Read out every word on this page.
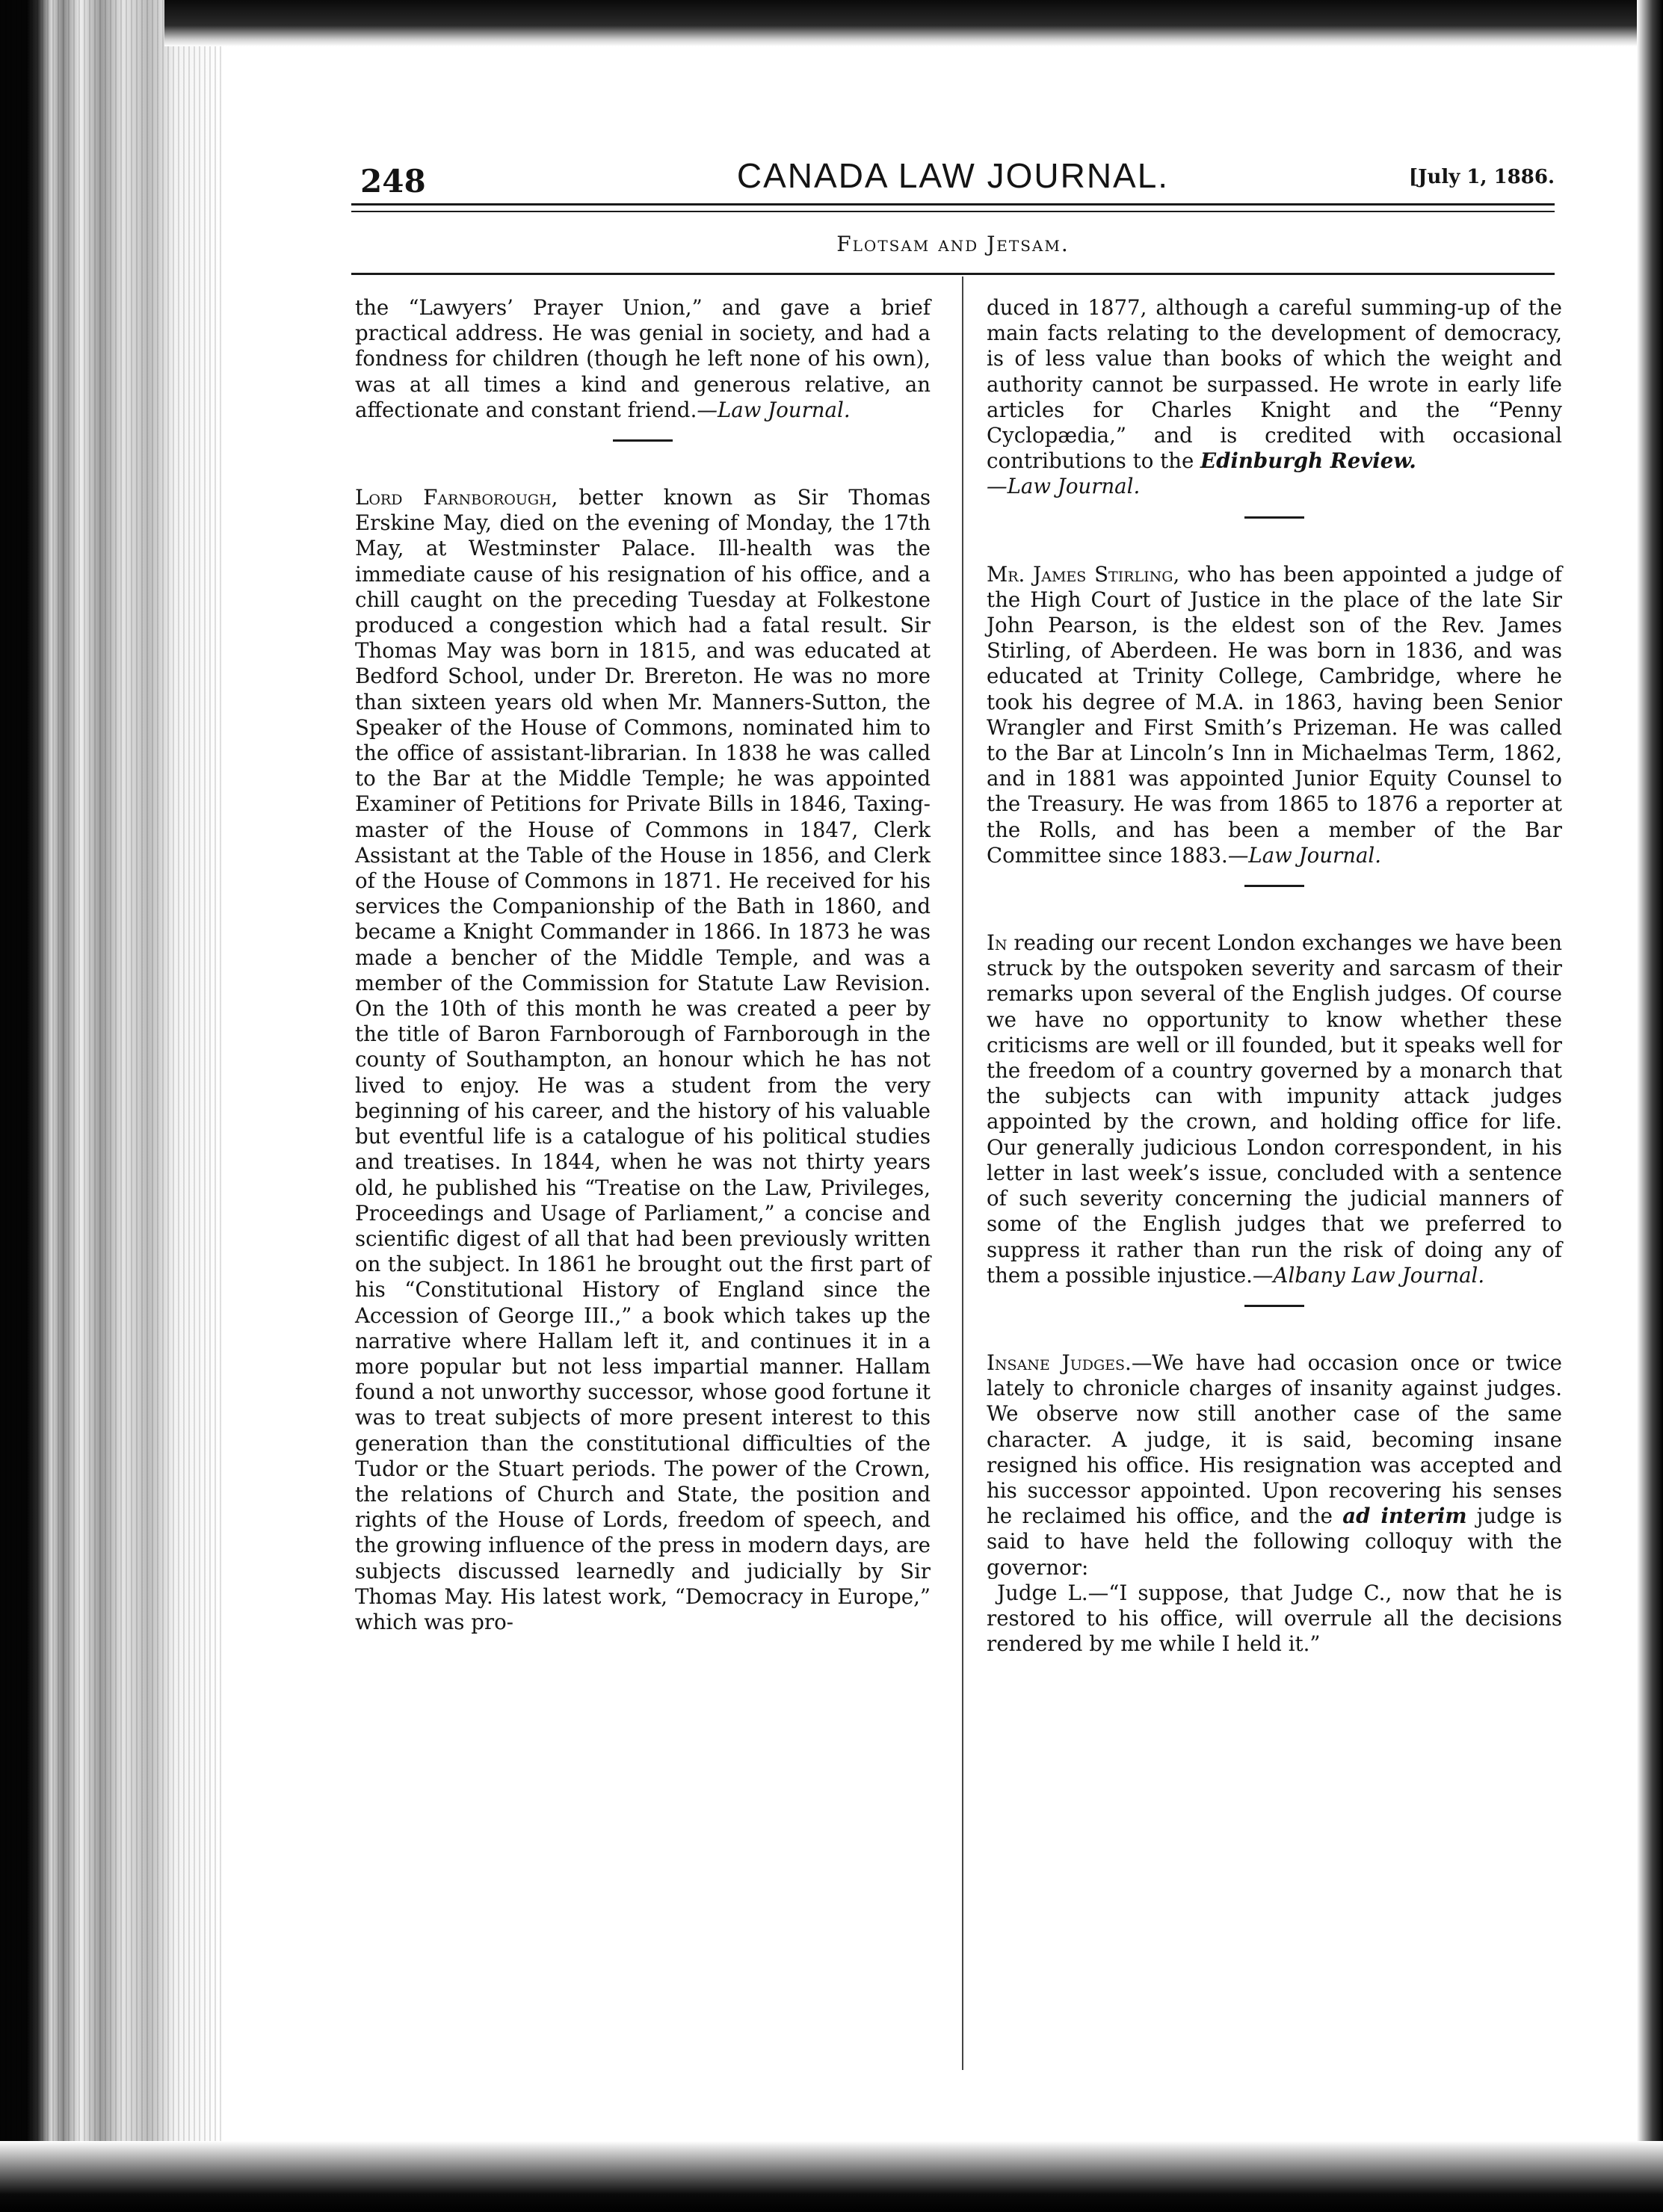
248	CANADA LAW JOURNAL.	[July 1, 1886.
Flotsam and Jetsam.

the “Lawyers’ Prayer Union,” and gave a brief practical address. He was genial in society, and had a fondness for children (though he left none of his own), was at all times a kind and generous relative, an affectionate and constant friend.—Law Journal.

Lord Farnborough, better known as Sir Thomas Erskine May, died on the evening of Monday, the 17th May, at Westminster Palace. Ill-health was the immediate cause of his resignation of his office, and a chill caught on the preceding Tuesday at Folkestone produced a congestion which had a fatal result. Sir Thomas May was born in 1815, and was educated at Bedford School, under Dr. Brereton. He was no more than sixteen years old when Mr. Manners-Sutton, the Speaker of the House of Commons, nominated him to the office of assistant-librarian. In 1838 he was called to the Bar at the Middle Temple; he was appointed Examiner of Petitions for Private Bills in 1846, Taxing-master of the House of Commons in 1847, Clerk Assistant at the Table of the House in 1856, and Clerk of the House of Commons in 1871. He received for his services the Companionship of the Bath in 1860, and became a Knight Commander in 1866. In 1873 he was made a bencher of the Middle Temple, and was a member of the Commission for Statute Law Revision. On the 10th of this month he was created a peer by the title of Baron Farnborough of Farnborough in the county of Southampton, an honour which he has not lived to enjoy. He was a student from the very beginning of his career, and the history of his valuable but eventful life is a catalogue of his political studies and treatises. In 1844, when he was not thirty years old, he published his “Treatise on the Law, Privileges, Proceedings and Usage of Parliament,” a concise and scientific digest of all that had been previously written on the subject. In 1861 he brought out the first part of his “Constitutional History of England since the Accession of George III.,” a book which takes up the narrative where Hallam left it, and continues it in a more popular but not less impartial manner. Hallam found a not unworthy successor, whose good fortune it was to treat subjects of more present interest to this generation than the constitutional difficulties of the Tudor or the Stuart periods. The power of the Crown, the relations of Church and State, the position and rights of the House of Lords, freedom of speech, and the growing influence of the press in modern days, are subjects discussed learnedly and judicially by Sir Thomas May. His latest work, “Democracy in Europe,” which was pro-

duced in 1877, although a careful summing-up of the main facts relating to the development of democracy, is of less value than books of which the weight and authority cannot be surpassed. He wrote in early life articles for Charles Knight and the “Penny Cyclopædia,” and is credited with occasional contributions to the Edinburgh Review.
—Law Journal.

Mr. James Stirling, who has been appointed a judge of the High Court of Justice in the place of the late Sir John Pearson, is the eldest son of the Rev. James Stirling, of Aberdeen. He was born in 1836, and was educated at Trinity College, Cambridge, where he took his degree of M.A. in 1863, having been Senior Wrangler and First Smith’s Prizeman. He was called to the Bar at Lincoln’s Inn in Michaelmas Term, 1862, and in 1881 was appointed Junior Equity Counsel to the Treasury. He was from 1865 to 1876 a reporter at the Rolls, and has been a member of the Bar Committee since 1883.—Law Journal.

In reading our recent London exchanges we have been struck by the outspoken severity and sarcasm of their remarks upon several of the English judges. Of course we have no opportunity to know whether these criticisms are well or ill founded, but it speaks well for the freedom of a country governed by a monarch that the subjects can with impunity attack judges appointed by the crown, and holding office for life. Our generally judicious London correspondent, in his letter in last week’s issue, concluded with a sentence of such severity concerning the judicial manners of some of the English judges that we preferred to suppress it rather than run the risk of doing any of them a possible injustice.—Albany Law Journal.

Insane Judges.—We have had occasion once or twice lately to chronicle charges of insanity against judges. We observe now still another case of the same character. A judge, it is said, becoming insane resigned his office. His resignation was accepted and his successor appointed. Upon recovering his senses he reclaimed his office, and the ad interim judge is said to have held the following colloquy with the governor:

Judge L.—“I suppose, that Judge C., now that he is restored to his office, will overrule all the decisions rendered by me while I held it.”
